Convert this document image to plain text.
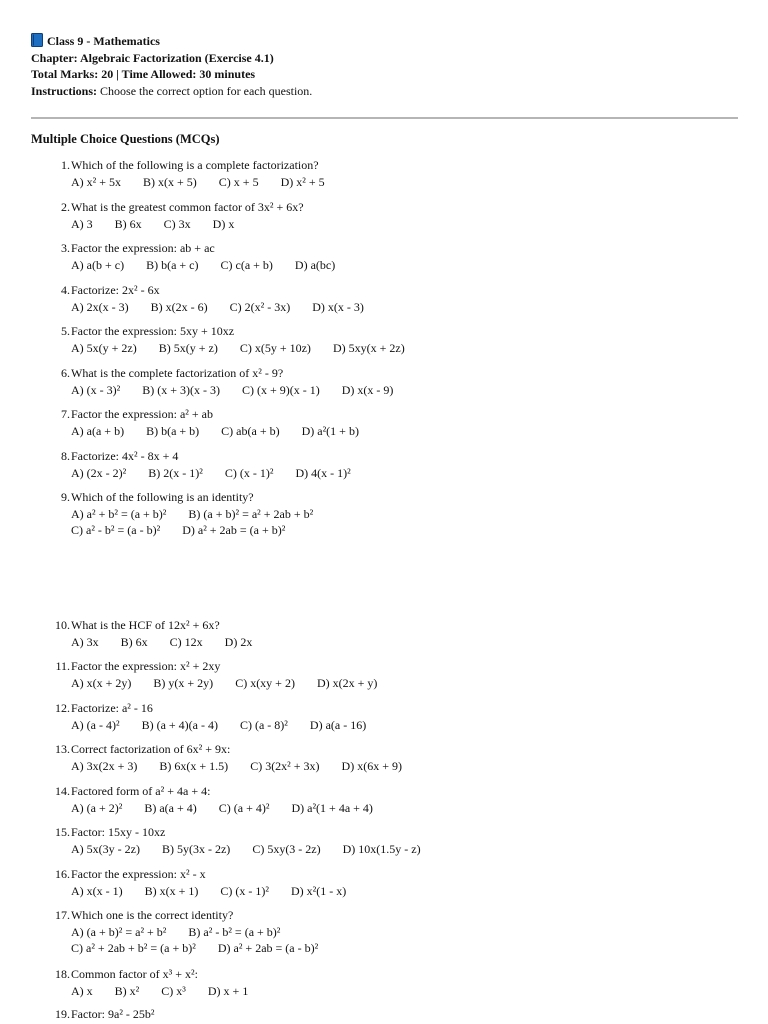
Class 9 - Mathematics
Chapter: Algebraic Factorization (Exercise 4.1)
Total Marks: 20 | Time Allowed: 30 minutes
Instructions: Choose the correct option for each question.
Multiple Choice Questions (MCQs)
1. Which of the following is a complete factorization?
A) x² + 5x B) x(x + 5) C) x + 5 D) x² + 5
2. What is the greatest common factor of 3x² + 6x?
A) 3 B) 6x C) 3x D) x
3. Factor the expression: ab + ac
A) a(b + c) B) b(a + c) C) c(a + b) D) a(bc)
4. Factorize: 2x² - 6x
A) 2x(x - 3) B) x(2x - 6) C) 2(x² - 3x) D) x(x - 3)
5. Factor the expression: 5xy + 10xz
A) 5x(y + 2z) B) 5x(y + z) C) x(5y + 10z) D) 5xy(x + 2z)
6. What is the complete factorization of x² - 9?
A) (x - 3)² B) (x + 3)(x - 3) C) (x + 9)(x - 1) D) x(x - 9)
7. Factor the expression: a² + ab
A) a(a + b) B) b(a + b) C) ab(a + b) D) a²(1 + b)
8. Factorize: 4x² - 8x + 4
A) (2x - 2)² B) 2(x - 1)² C) (x - 1)² D) 4(x - 1)²
9. Which of the following is an identity?
A) a² + b² = (a + b)² B) (a + b)² = a² + 2ab + b²
C) a² - b² = (a - b)² D) a² + 2ab = (a + b)²
10. What is the HCF of 12x² + 6x?
A) 3x B) 6x C) 12x D) 2x
11. Factor the expression: x² + 2xy
A) x(x + 2y) B) y(x + 2y) C) x(xy + 2) D) x(2x + y)
12. Factorize: a² - 16
A) (a - 4)² B) (a + 4)(a - 4) C) (a - 8)² D) a(a - 16)
13. Correct factorization of 6x² + 9x:
A) 3x(2x + 3) B) 6x(x + 1.5) C) 3(2x² + 3x) D) x(6x + 9)
14. Factored form of a² + 4a + 4:
A) (a + 2)² B) a(a + 4) C) (a + 4)² D) a²(1 + 4a + 4)
15. Factor: 15xy - 10xz
A) 5x(3y - 2z) B) 5y(3x - 2z) C) 5xy(3 - 2z) D) 10x(1.5y - z)
16. Factor the expression: x² - x
A) x(x - 1) B) x(x + 1) C) (x - 1)² D) x²(1 - x)
17. Which one is the correct identity?
A) (a + b)² = a² + b² B) a² - b² = (a + b)²
C) a² + 2ab + b² = (a + b)² D) a² + 2ab = (a - b)²
18. Common factor of x³ + x²:
A) x B) x² C) x³ D) x + 1
19. Factor: 9a² - 25b²
